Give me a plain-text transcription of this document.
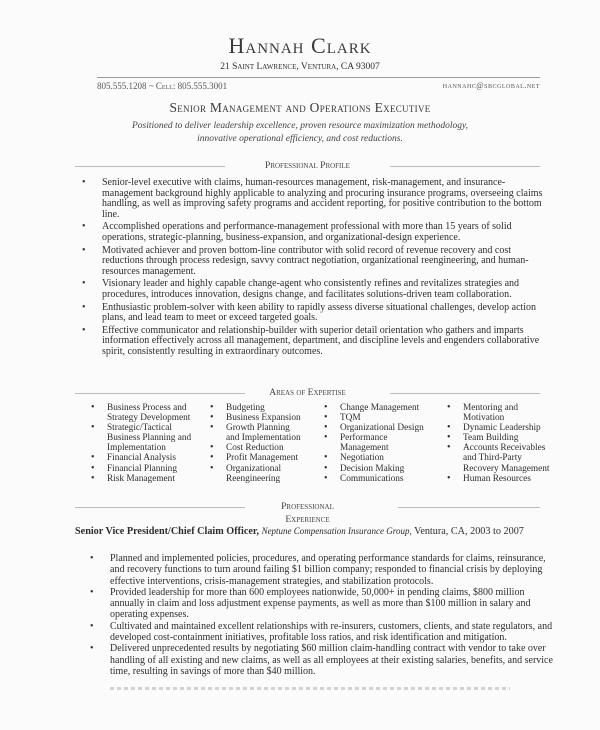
Hannah Clark
21 Saint Lawrence, Ventura, CA 93007
805.555.1208 ~ Cell: 805.555.3001	hannahc@sbcglobal.net
Senior Management and Operations Executive
Positioned to deliver leadership excellence, proven resource maximization methodology,
innovative operational efficiency, and cost reductions.
Professional Profile
• Senior-level executive with claims, human-resources management, risk-management, and insurance-management background highly applicable to analyzing and procuring insurance programs, overseeing claims handling, as well as improving safety programs and accident reporting, for positive contribution to the bottom line.
• Accomplished operations and performance-management professional with more than 15 years of solid operations, strategic-planning, business-expansion, and organizational-design experience.
• Motivated achiever and proven bottom-line contributor with solid record of revenue recovery and cost reductions through process redesign, savvy contract negotiation, organizational reengineering, and human-resources management.
• Visionary leader and highly capable change-agent who consistently refines and revitalizes strategies and procedures, introduces innovation, designs change, and facilitates solutions-driven team collaboration.
• Enthusiastic problem-solver with keen ability to rapidly assess diverse situational challenges, develop action plans, and lead team to meet or exceed targeted goals.
• Effective communicator and relationship-builder with superior detail orientation who gathers and imparts information effectively across all management, department, and discipline levels and engenders collaborative spirit, consistently resulting in extraordinary outcomes.
Areas of Expertise
• Business Process and
Strategy Development
• Strategic/Tactical
Business Planning and
Implementation
• Financial Analysis
• Financial Planning
• Risk Management
• Budgeting
• Business Expansion
• Growth Planning
and Implementation
• Cost Reduction
• Profit Management
• Organizational
Reengineering
• Change Management
• TQM
• Organizational Design
• Performance
Management
• Negotiation
• Decision Making
• Communications
• Mentoring and
Motivation
• Dynamic Leadership
• Team Building
• Accounts Receivables
and Third-Party
Recovery Management
• Human Resources
Professional
Experience
Senior Vice President/Chief Claim Officer, Neptune Compensation Insurance Group, Ventura, CA, 2003 to 2007
• Planned and implemented policies, procedures, and operating performance standards for claims, reinsurance, and recovery functions to turn around failing $1 billion company; responded to financial crisis by deploying effective interventions, crisis-management strategies, and stabilization protocols.
• Provided leadership for more than 600 employees nationwide, 50,000+ in pending claims, $800 million annually in claim and loss adjustment expense payments, as well as more than $100 million in salary and operating expenses.
• Cultivated and maintained excellent relationships with re-insurers, customers, clients, and state regulators, and developed cost-containment initiatives, profitable loss ratios, and risk identification and mitigation.
• Delivered unprecedented results by negotiating $60 million claim-handling contract with vendor to take over handling of all existing and new claims, as well as all employees at their existing salaries, benefits, and service time, resulting in savings of more than $40 million.
